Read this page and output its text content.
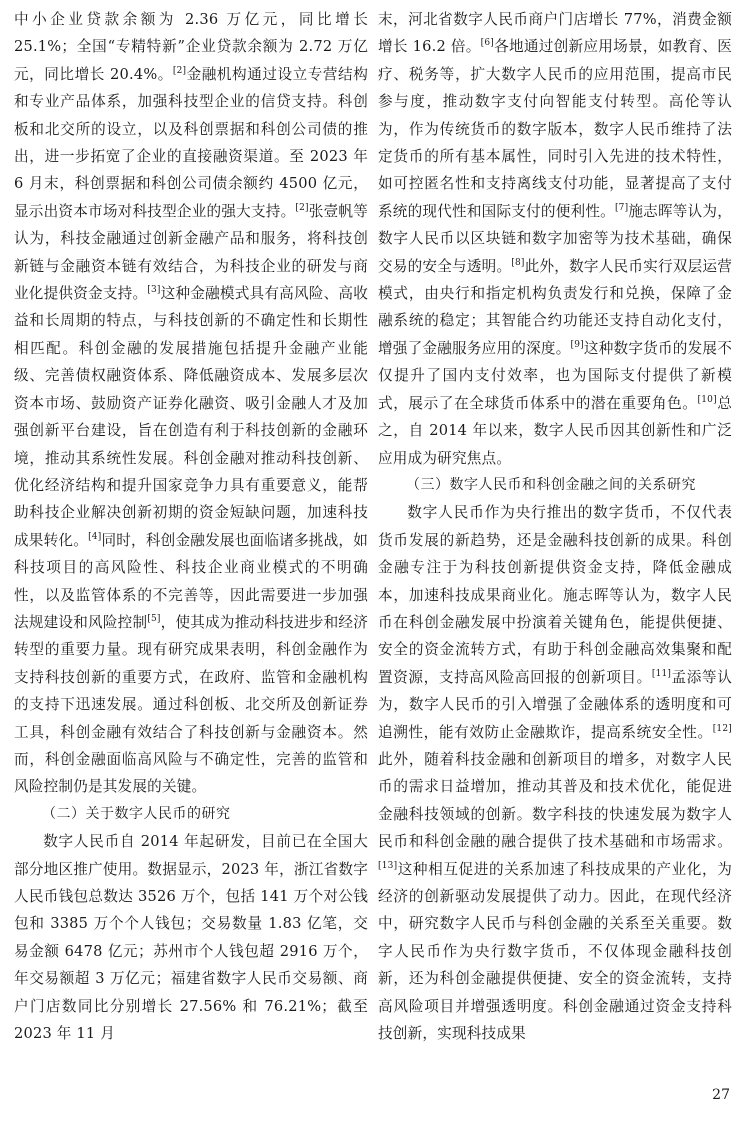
中小企业贷款余额为 2.36 万亿元，同比增长 25.1%；全国“专精特新”企业贷款余额为 2.72 万亿元，同比增长 20.4%。[2]金融机构通过设立专营结构和专业产品体系，加强科技型企业的信贷支持。科创板和北交所的设立，以及科创票据和科创公司债的推出，进一步拓宽了企业的直接融资渠道。至 2023 年 6 月末，科创票据和科创公司债余额约 4500 亿元，显示出资本市场对科技型企业的强大支持。[2]张壹帆等认为，科技金融通过创新金融产品和服务，将科技创新链与金融资本链有效结合，为科技企业的研发与商业化提供资金支持。[3]这种金融模式具有高风险、高收益和长周期的特点，与科技创新的不确定性和长期性相匹配。科创金融的发展措施包括提升金融产业能级、完善债权融资体系、降低融资成本、发展多层次资本市场、鼓励资产证券化融资、吸引金融人才及加强创新平台建设，旨在创造有利于科技创新的金融环境，推动其系统性发展。科创金融对推动科技创新、优化经济结构和提升国家竞争力具有重要意义，能帮助科技企业解决创新初期的资金短缺问题，加速科技成果转化。[4]同时，科创金融发展也面临诸多挑战，如科技项目的高风险性、科技企业商业模式的不明确性，以及监管体系的不完善等，因此需要进一步加强法规建设和风险控制[5]，使其成为推动科技进步和经济转型的重要力量。现有研究成果表明，科创金融作为支持科技创新的重要方式，在政府、监管和金融机构的支持下迅速发展。通过科创板、北交所及创新证券工具，科创金融有效结合了科技创新与金融资本。然而，科创金融面临高风险与不确定性，完善的监管和风险控制仍是其发展的关键。

（二）关于数字人民币的研究

数字人民币自 2014 年起研发，目前已在全国大部分地区推广使用。数据显示，2023 年，浙江省数字人民币钱包总数达 3526 万个，包括 141 万个对公钱包和 3385 万个个人钱包；交易数量 1.83 亿笔，交易金额 6478 亿元；苏州市个人钱包超 2916 万个，年交易额超 3 万亿元；福建省数字人民币交易额、商户门店数同比分别增长 27.56% 和 76.21%；截至 2023 年 11 月

末，河北省数字人民币商户门店增长 77%，消费金额增长 16.2 倍。[6]各地通过创新应用场景，如教育、医疗、税务等，扩大数字人民币的应用范围，提高市民参与度，推动数字支付向智能支付转型。高伦等认为，作为传统货币的数字版本，数字人民币维持了法定货币的所有基本属性，同时引入先进的技术特性，如可控匿名性和支持离线支付功能，显著提高了支付系统的现代性和国际支付的便利性。[7]施志晖等认为，数字人民币以区块链和数字加密等为技术基础，确保交易的安全与透明。[8]此外，数字人民币实行双层运营模式，由央行和指定机构负责发行和兑换，保障了金融系统的稳定；其智能合约功能还支持自动化支付，增强了金融服务应用的深度。[9]这种数字货币的发展不仅提升了国内支付效率，也为国际支付提供了新模式，展示了在全球货币体系中的潜在重要角色。[10]总之，自 2014 年以来，数字人民币因其创新性和广泛应用成为研究焦点。

（三）数字人民币和科创金融之间的关系研究

数字人民币作为央行推出的数字货币，不仅代表货币发展的新趋势，还是金融科技创新的成果。科创金融专注于为科技创新提供资金支持，降低金融成本，加速科技成果商业化。施志晖等认为，数字人民币在科创金融发展中扮演着关键角色，能提供便捷、安全的资金流转方式，有助于科创金融高效集聚和配置资源，支持高风险高回报的创新项目。[11]孟添等认为，数字人民币的引入增强了金融体系的透明度和可追溯性，能有效防止金融欺诈，提高系统安全性。[12]此外，随着科技金融和创新项目的增多，对数字人民币的需求日益增加，推动其普及和技术优化，能促进金融科技领域的创新。数字科技的快速发展为数字人民币和科创金融的融合提供了技术基础和市场需求。[13]这种相互促进的关系加速了科技成果的产业化，为经济的创新驱动发展提供了动力。因此，在现代经济中，研究数字人民币与科创金融的关系至关重要。数字人民币作为央行数字货币，不仅体现金融科技创新，还为科创金融提供便捷、安全的资金流转，支持高风险项目并增强透明度。科创金融通过资金支持科技创新，实现科技成果

27
